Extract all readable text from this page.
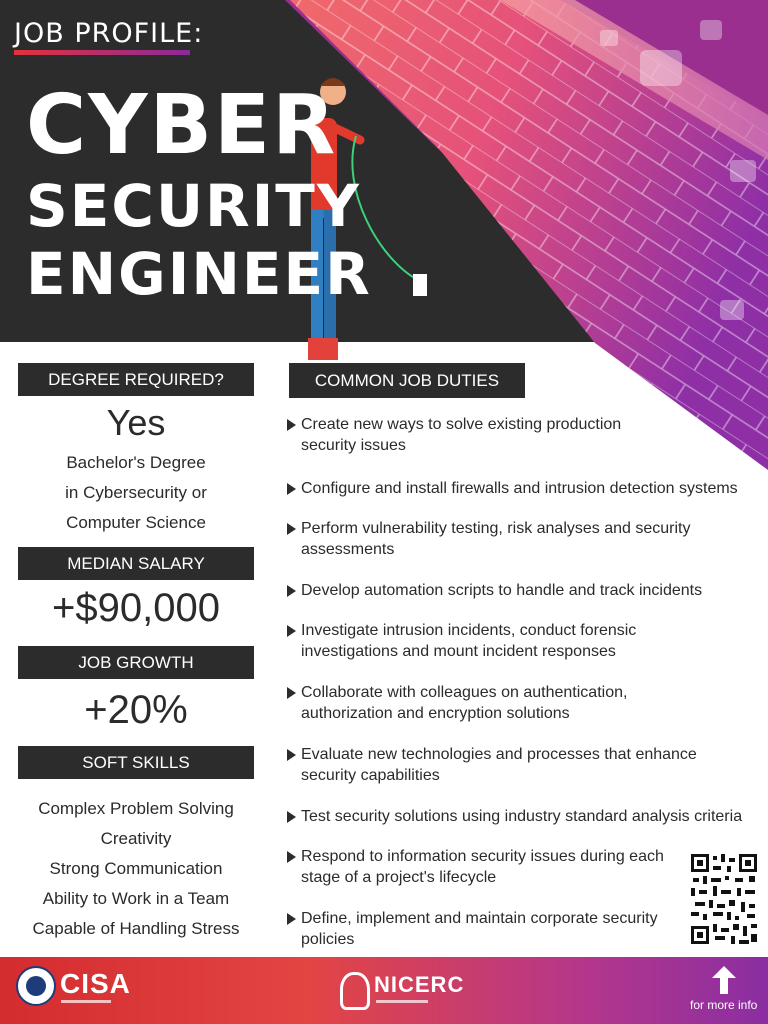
JOB PROFILE:
CYBER
SECURITY
ENGINEER
DEGREE REQUIRED?
Yes
Bachelor's Degree
in Cybersecurity or
Computer Science
MEDIAN SALARY
+$90,000
JOB GROWTH
+20%
SOFT SKILLS
Complex Problem Solving
Creativity
Strong Communication
Ability to Work in a Team
Capable of Handling Stress
COMMON JOB DUTIES
Create new ways to solve existing production security issues
Configure and install firewalls and intrusion detection systems
Perform vulnerability testing, risk analyses and security assessments
Develop automation scripts to handle and track incidents
Investigate intrusion incidents, conduct forensic investigations and mount incident responses
Collaborate with colleagues on authentication, authorization and encryption solutions
Evaluate new technologies and processes that enhance security capabilities
Test security solutions using industry standard analysis criteria
Respond to information security issues during each stage of a project's lifecycle
Define, implement and maintain corporate security policies
CISA	NICERC
for more info
